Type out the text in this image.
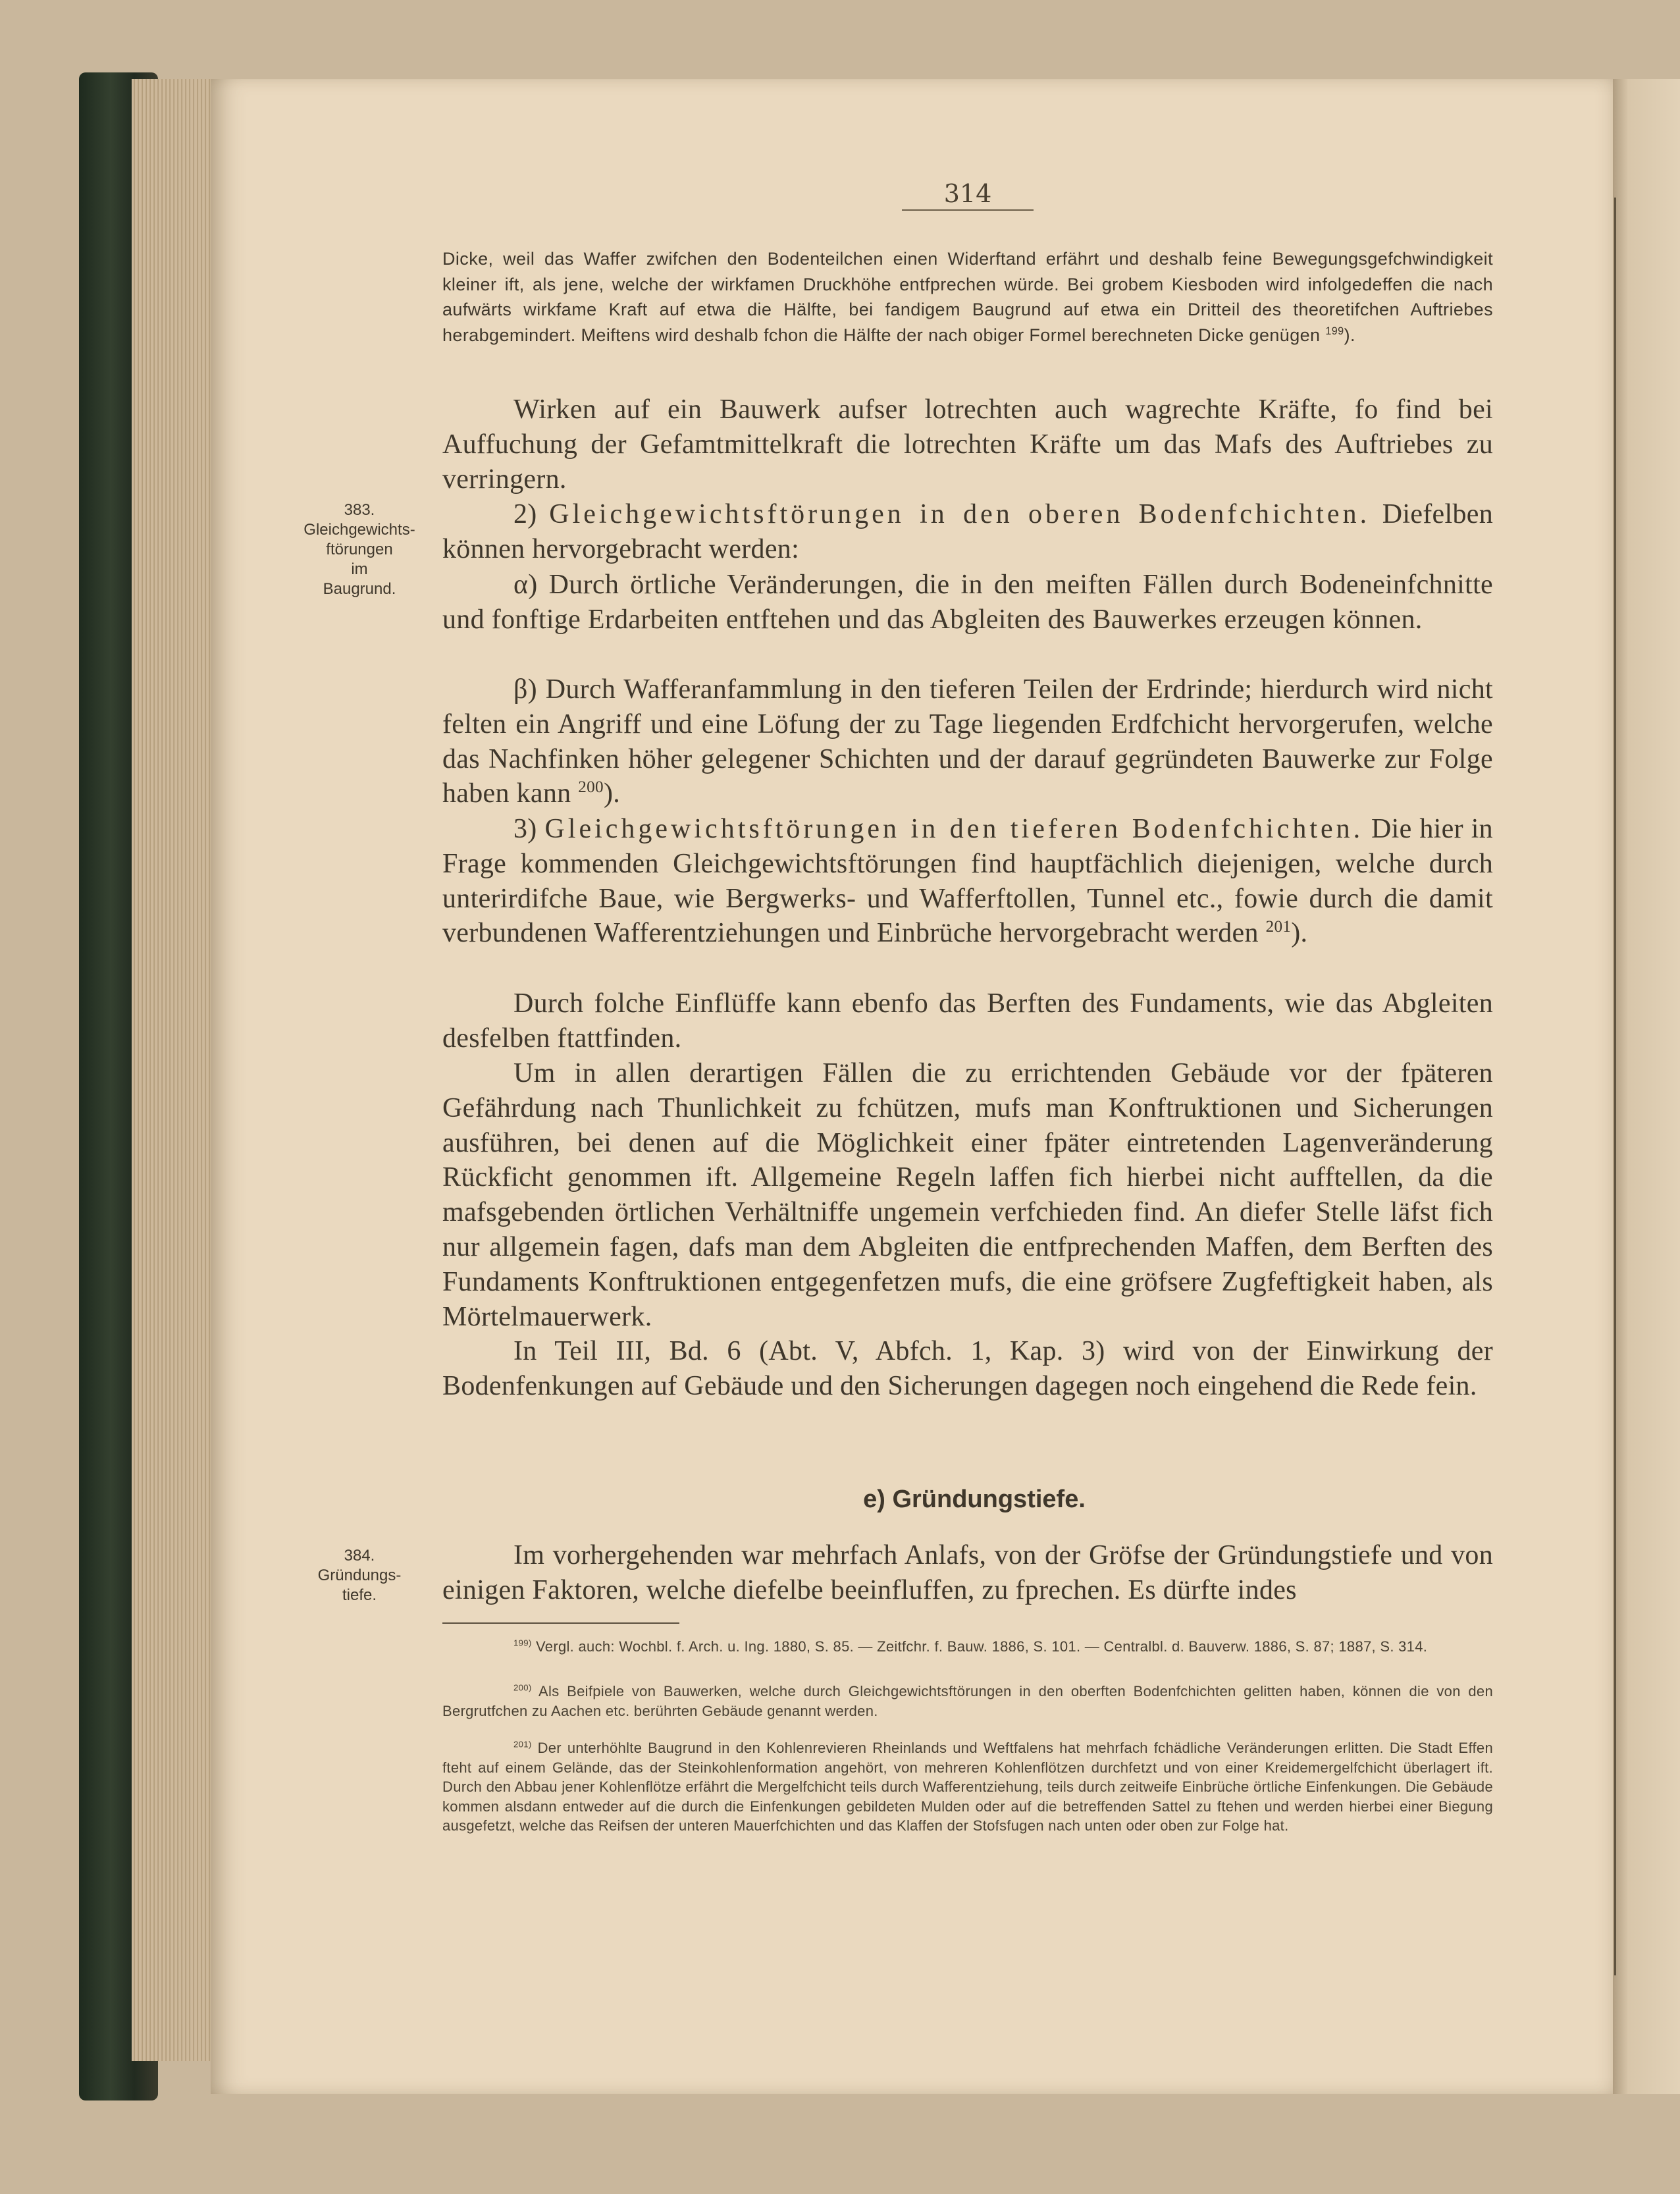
314

Dicke, weil das Waffer zwifchen den Bodenteilchen einen Widerftand erfährt und deshalb feine Bewegungsgefchwindigkeit kleiner ift, als jene, welche der wirkfamen Druckhöhe entfprechen würde. Bei grobem Kiesboden wird infolgedeffen die nach aufwärts wirkfame Kraft auf etwa die Hälfte, bei fandigem Baugrund auf etwa ein Dritteil des theoretifchen Auftriebes herabgemindert. Meiftens wird deshalb fchon die Hälfte der nach obiger Formel berechneten Dicke genügen $^{199}$).

Wirken auf ein Bauwerk aufser lotrechten auch wagrechte Kräfte, fo find bei Auffuchung der Gefamtmittelkraft die lotrechten Kräfte um das Mafs des Auftriebes zu verringern.

383.
Gleichgewichts-
ftörungen
im
Baugrund.

2) Gleichgewichtsftörungen in den oberen Bodenfchichten. Diefelben können hervorgebracht werden:

α) Durch örtliche Veränderungen, die in den meiften Fällen durch Bodeneinfchnitte und fonftige Erdarbeiten entftehen und das Abgleiten des Bauwerkes erzeugen können.

β) Durch Wafferanfammlung in den tieferen Teilen der Erdrinde; hierdurch wird nicht felten ein Angriff und eine Löfung der zu Tage liegenden Erdfchicht hervorgerufen, welche das Nachfinken höher gelegener Schichten und der darauf gegründeten Bauwerke zur Folge haben kann $^{200}$).

3) Gleichgewichtsftörungen in den tieferen Bodenfchichten. Die hier in Frage kommenden Gleichgewichtsftörungen find hauptfächlich diejenigen, welche durch unterirdifche Baue, wie Bergwerks- und Wafferftollen, Tunnel etc., fowie durch die damit verbundenen Wafferentziehungen und Einbrüche hervorgebracht werden $^{201}$).

Durch folche Einflüffe kann ebenfo das Berften des Fundaments, wie das Abgleiten desfelben ftattfinden.

Um in allen derartigen Fällen die zu errichtenden Gebäude vor der fpäteren Gefährdung nach Thunlichkeit zu fchützen, mufs man Konftruktionen und Sicherungen ausführen, bei denen auf die Möglichkeit einer fpäter eintretenden Lagenveränderung Rückficht genommen ift. Allgemeine Regeln laffen fich hierbei nicht aufftellen, da die mafsgebenden örtlichen Verhältniffe ungemein verfchieden find. An diefer Stelle läfst fich nur allgemein fagen, dafs man dem Abgleiten die entfprechenden Maffen, dem Berften des Fundaments Konftruktionen entgegenfetzen mufs, die eine gröfsere Zugfeftigkeit haben, als Mörtelmauerwerk.

In Teil III, Bd. 6 (Abt. V, Abfch. 1, Kap. 3) wird von der Einwirkung der Bodenfenkungen auf Gebäude und den Sicherungen dagegen noch eingehend die Rede fein.

e) Gründungstiefe.
384.
Gründungs-
tiefe.

Im vorhergehenden war mehrfach Anlafs, von der Gröfse der Gründungstiefe und von einigen Faktoren, welche diefelbe beeinfluffen, zu fprechen. Es dürfte indes

$^{199)}$ Vergl. auch: Wochbl. f. Arch. u. Ing. 1880, S. 85. — Zeitfchr. f. Bauw. 1886, S. 101. — Centralbl. d. Bauverw. 1886, S. 87; 1887, S. 314.

$^{200)}$ Als Beifpiele von Bauwerken, welche durch Gleichgewichtsftörungen in den oberften Bodenfchichten gelitten haben, können die von den Bergrutfchen zu Aachen etc. berührten Gebäude genannt werden.

$^{201)}$ Der unterhöhlte Baugrund in den Kohlenrevieren Rheinlands und Weftfalens hat mehrfach fchädliche Veränderungen erlitten. Die Stadt Effen fteht auf einem Gelände, das der Steinkohlenformation angehört, von mehreren Kohlenflötzen durchfetzt und von einer Kreidemergelfchicht überlagert ift. Durch den Abbau jener Kohlenflötze erfährt die Mergelfchicht teils durch Wafferentziehung, teils durch zeitweife Einbrüche örtliche Einfenkungen. Die Gebäude kommen alsdann entweder auf die durch die Einfenkungen gebildeten Mulden oder auf die betreffenden Sattel zu ftehen und werden hierbei einer Biegung ausgefetzt, welche das Reifsen der unteren Mauerfchichten und das Klaffen der Stofsfugen nach unten oder oben zur Folge hat.
